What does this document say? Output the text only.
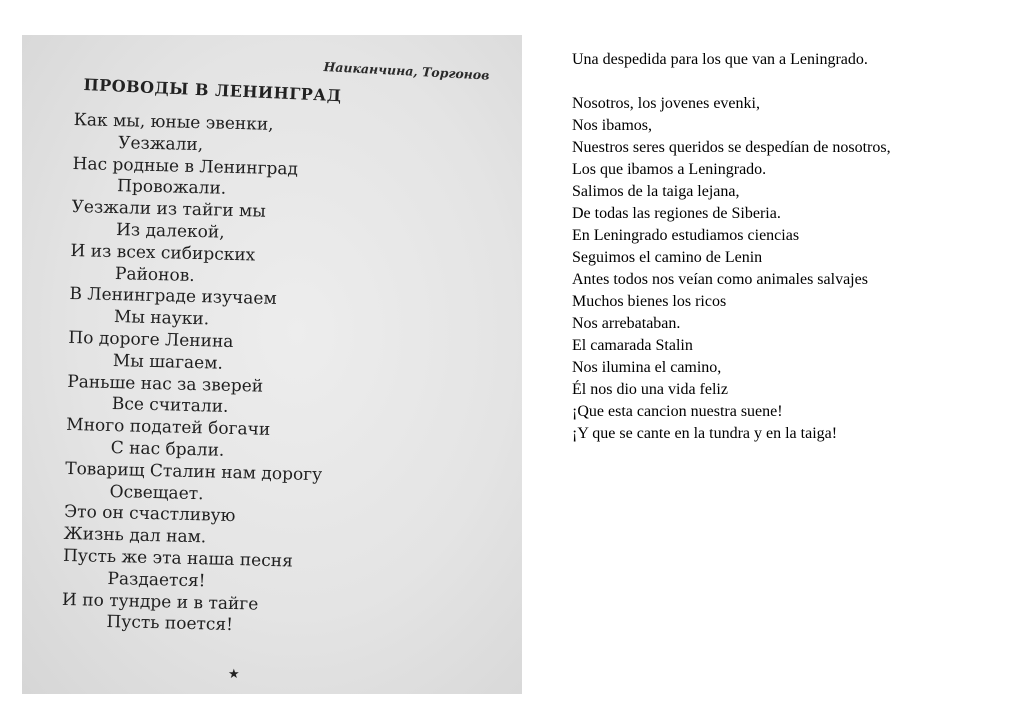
Наиканчина, Торгонов
ПРОВОДЫ В ЛЕНИНГРАД
Как мы, юные эвенки,
Уезжали,
Нас родные в Ленинград
Провожали.
Уезжали из тайги мы
Из далекой,
И из всех сибирских
Районов.
В Ленинграде изучаем
Мы науки.
По дороге Ленина
Мы шагаем.
Раньше нас за зверей
Все считали.
Много податей богачи
С нас брали.
Товарищ Сталин нам дорогу
Освещает.
Это он счастливую
Жизнь дал нам.
Пусть же эта наша песня
Раздается!
И по тундре и в тайге
Пусть поется!
★
Una despedida para los que van a Leningrado.
Nosotros, los jovenes evenki,
Nos ibamos,
Nuestros seres queridos se despedían de nosotros,
Los que ibamos a Leningrado.
Salimos de la taiga lejana,
De todas las regiones de Siberia.
En Leningrado estudiamos ciencias
Seguimos el camino de Lenin
Antes todos nos veían como animales salvajes
Muchos bienes los ricos
Nos arrebataban.
El camarada Stalin
Nos ilumina el camino,
Él nos dio una vida feliz
¡Que esta cancion nuestra suene!
¡Y que se cante en la tundra y en la taiga!
